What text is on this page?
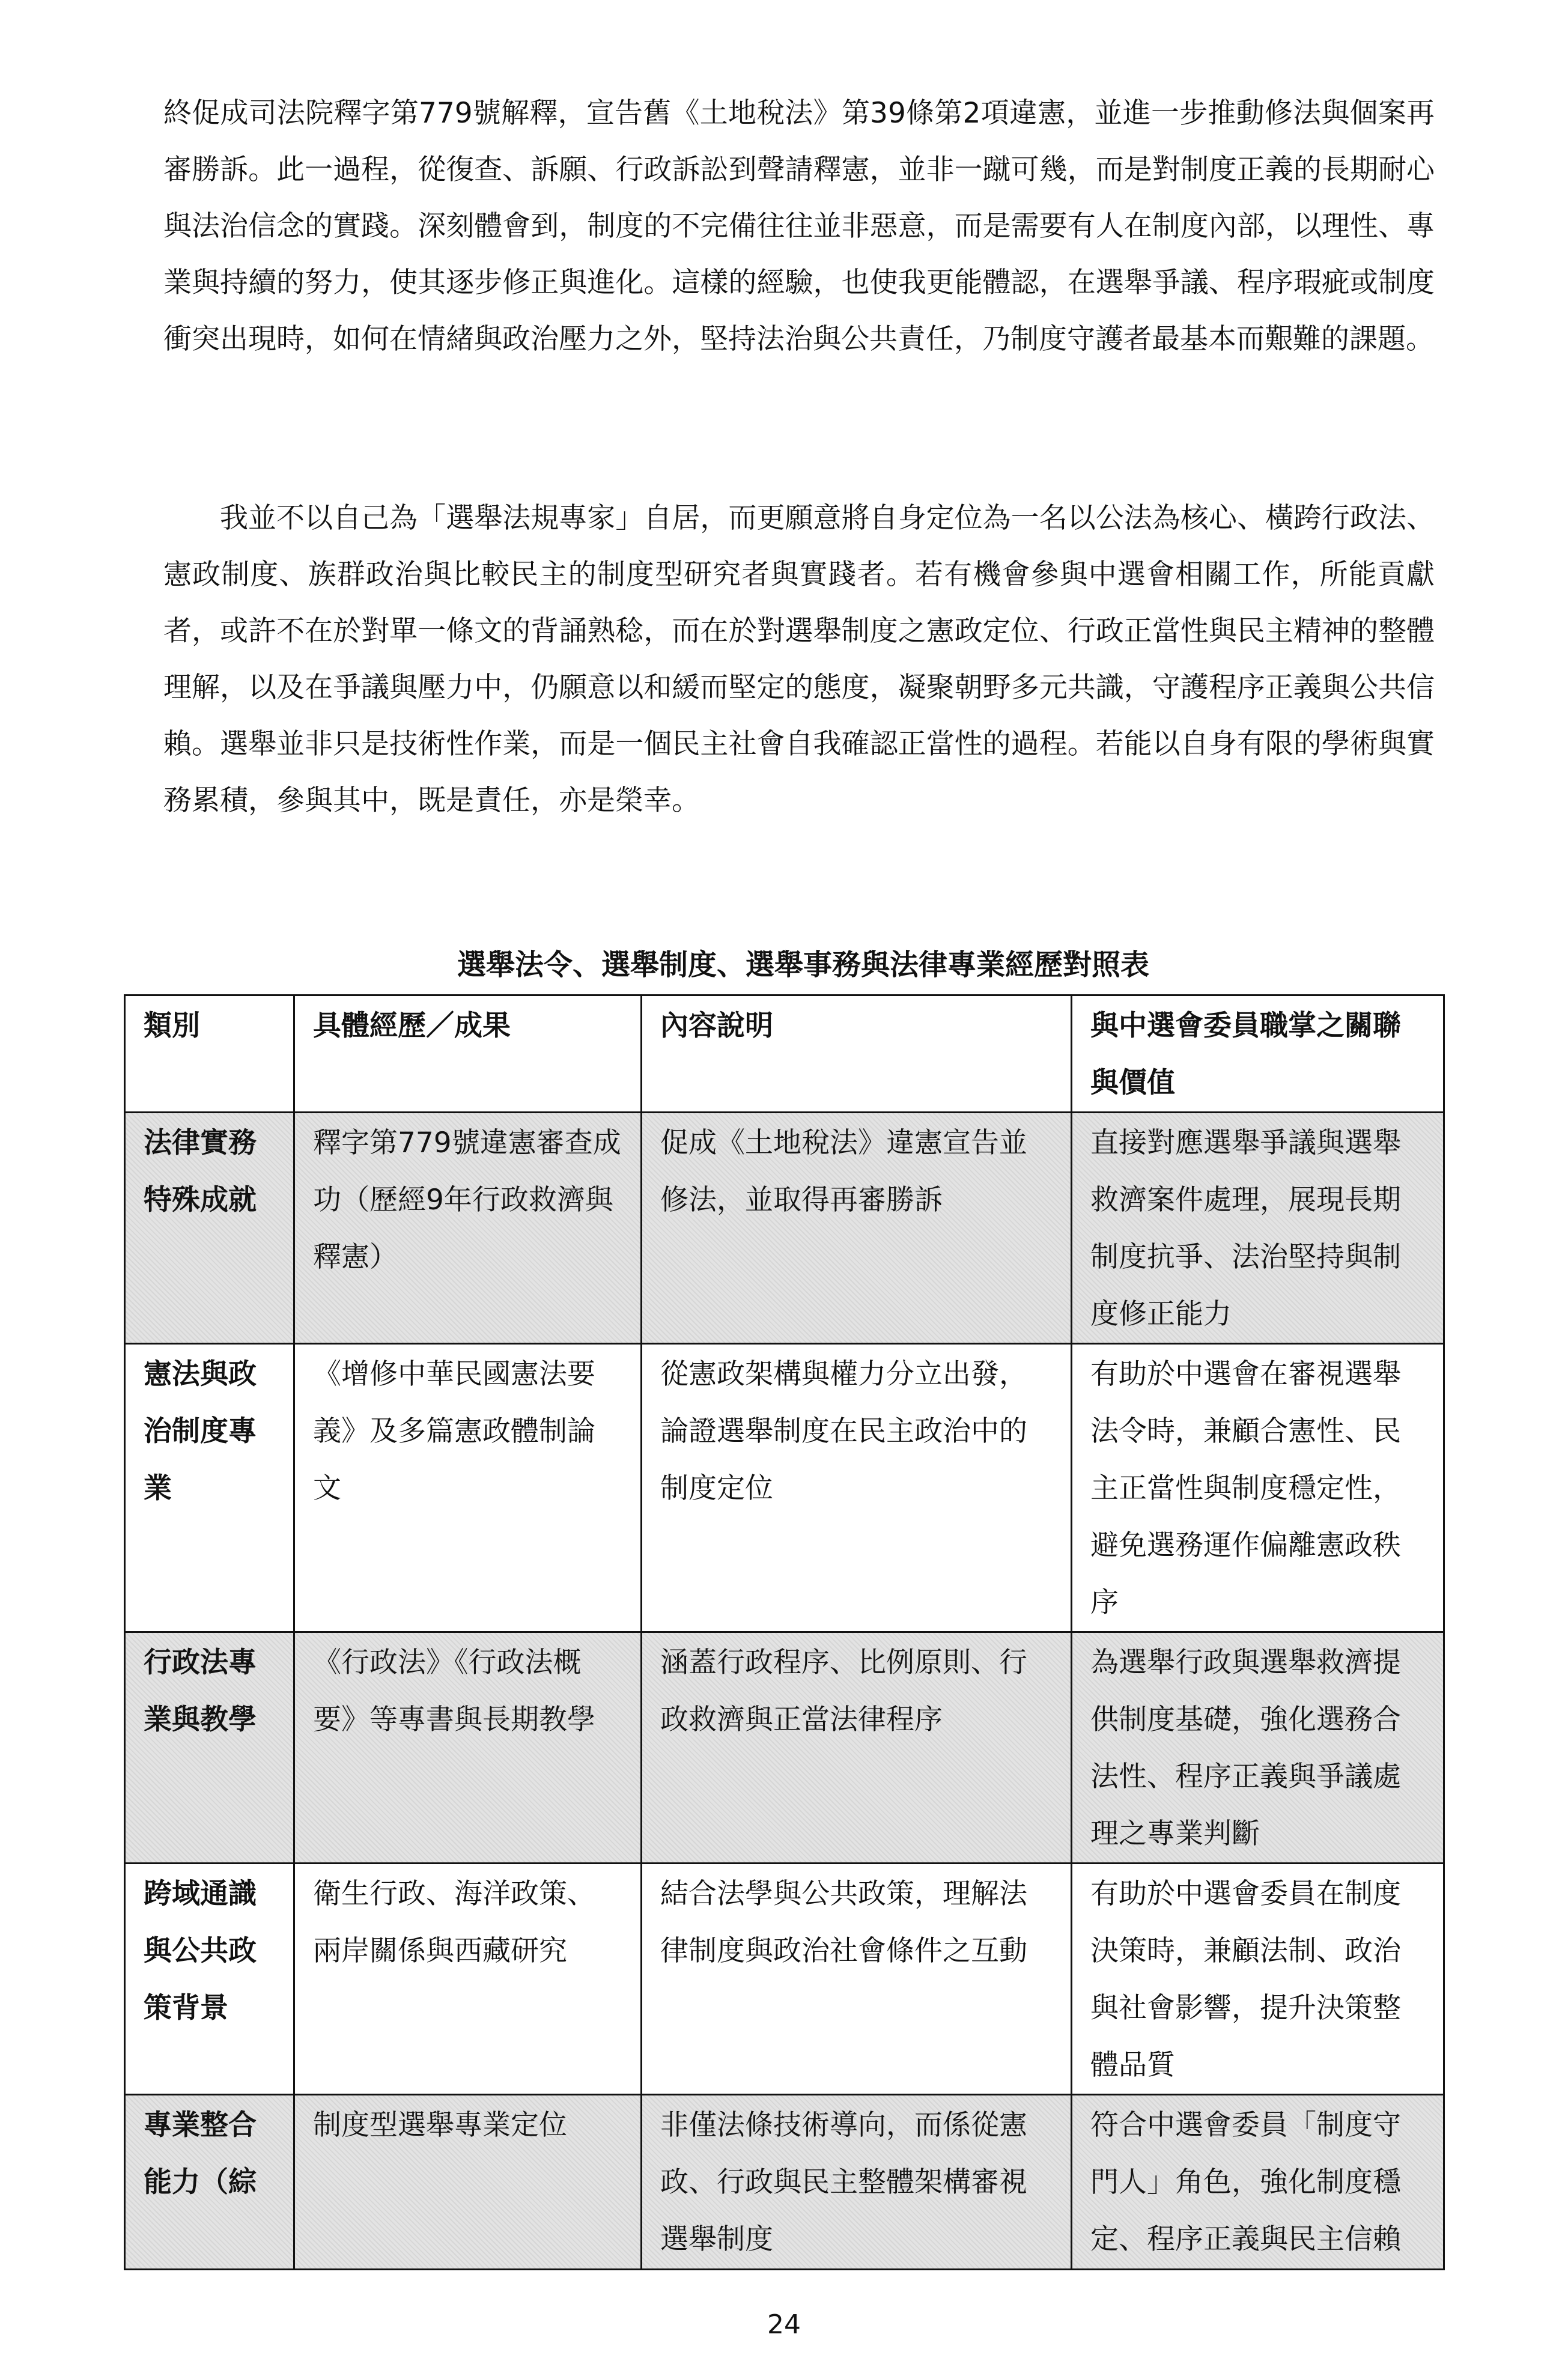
終促成司法院釋字第779號解釋，宣告舊《土地稅法》第39條第2項違憲，並進一步推動修法與個案再審勝訴。此一過程，從復查、訴願、行政訴訟到聲請釋憲，並非一蹴可幾，而是對制度正義的長期耐心與法治信念的實踐。深刻體會到，制度的不完備往往並非惡意，而是需要有人在制度內部，以理性、專業與持續的努力，使其逐步修正與進化。這樣的經驗，也使我更能體認，在選舉爭議、程序瑕疵或制度衝突出現時，如何在情緒與政治壓力之外，堅持法治與公共責任，乃制度守護者最基本而艱難的課題。

我並不以自己為「選舉法規專家」自居，而更願意將自身定位為一名以公法為核心、橫跨行政法、憲政制度、族群政治與比較民主的制度型研究者與實踐者。若有機會參與中選會相關工作，所能貢獻者，或許不在於對單一條文的背誦熟稔，而在於對選舉制度之憲政定位、行政正當性與民主精神的整體理解，以及在爭議與壓力中，仍願意以和緩而堅定的態度，凝聚朝野多元共識，守護程序正義與公共信賴。選舉並非只是技術性作業，而是一個民主社會自我確認正當性的過程。若能以自身有限的學術與實務累積，參與其中，既是責任，亦是榮幸。

選舉法令、選舉制度、選舉事務與法律專業經歷對照表
類別	具體經歷／成果	內容說明	與中選會委員職掌之關聯與價值
法律實務特殊成就	釋字第779號違憲審查成功（歷經9年行政救濟與釋憲）	促成《土地稅法》違憲宣告並修法，並取得再審勝訴	直接對應選舉爭議與選舉救濟案件處理，展現長期制度抗爭、法治堅持與制度修正能力
憲法與政治制度專業	《增修中華民國憲法要義》及多篇憲政體制論文	從憲政架構與權力分立出發，論證選舉制度在民主政治中的制度定位	有助於中選會在審視選舉法令時，兼顧合憲性、民主正當性與制度穩定性，避免選務運作偏離憲政秩序
行政法專業與教學	《行政法》《行政法概要》等專書與長期教學	涵蓋行政程序、比例原則、行政救濟與正當法律程序	為選舉行政與選舉救濟提供制度基礎，強化選務合法性、程序正義與爭議處理之專業判斷
跨域通識與公共政策背景	衛生行政、海洋政策、兩岸關係與西藏研究	結合法學與公共政策，理解法律制度與政治社會條件之互動	有助於中選會委員在制度決策時，兼顧法制、政治與社會影響，提升決策整體品質
專業整合能力（綜	制度型選舉專業定位	非僅法條技術導向，而係從憲政、行政與民主整體架構審視選舉制度	符合中選會委員「制度守門人」角色，強化制度穩定、程序正義與民主信賴
24
